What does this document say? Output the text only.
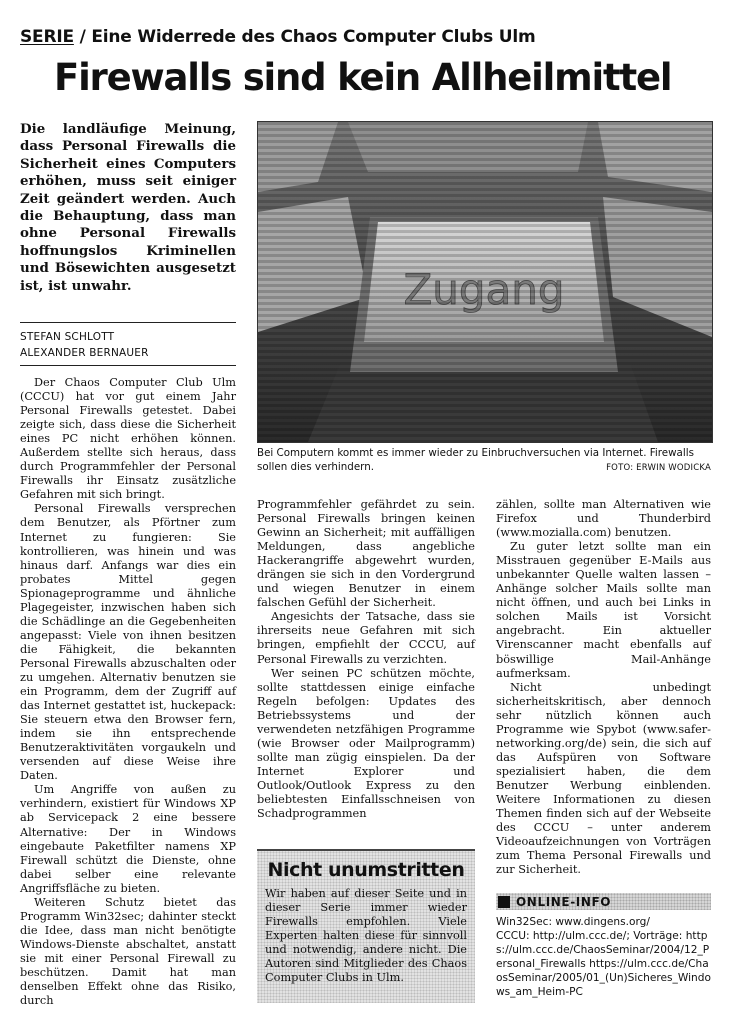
SERIE / Eine Widerrede des Chaos Computer Clubs Ulm
Firewalls sind kein Allheilmittel
Die landläufige Meinung, dass Personal Firewalls die Sicherheit eines Computers erhöhen, muss seit einiger Zeit geändert werden. Auch die Behauptung, dass man ohne Personal Firewalls hoffnungslos Kriminellen und Bösewichten ausgesetzt ist, ist unwahr.
STEFAN SCHLOTT
ALEXANDER BERNAUER
Bei Computern kommt es immer wieder zu Einbruchversuchen via Internet. Firewalls sollen dies verhindern.	FOTO: ERWIN WODICKA

Der Chaos Computer Club Ulm (CCCU) hat vor gut einem Jahr Personal Firewalls getestet. Dabei zeigte sich, dass diese die Sicherheit eines PC nicht erhöhen können. Außerdem stellte sich heraus, dass durch Programmfehler der Personal Firewalls ihr Einsatz zusätzliche Gefahren mit sich bringt.

Personal Firewalls versprechen dem Benutzer, als Pförtner zum Internet zu fungieren: Sie kontrollieren, was hinein und was hinaus darf. Anfangs war dies ein probates Mittel gegen Spionageprogramme und ähnliche Plagegeister, inzwischen haben sich die Schädlinge an die Gegebenheiten angepasst: Viele von ihnen besitzen die Fähigkeit, die bekannten Personal Firewalls abzuschalten oder zu umgehen. Alternativ benutzen sie ein Programm, dem der Zugriff auf das Internet gestattet ist, huckepack: Sie steuern etwa den Browser fern, indem sie ihn entsprechende Benutzeraktivitäten vorgaukeln und versenden auf diese Weise ihre Daten.

Um Angriffe von außen zu verhindern, existiert für Windows XP ab Servicepack 2 eine bessere Alternative: Der in Windows eingebaute Paketfilter namens XP Firewall schützt die Dienste, ohne dabei selber eine relevante Angriffsfläche zu bieten.

Weiteren Schutz bietet das Programm Win32sec; dahinter steckt die Idee, dass man nicht benötigte Windows-Dienste abschaltet, anstatt sie mit einer Personal Firewall zu beschützen. Damit hat man denselben Effekt ohne das Risiko, durch

Programmfehler gefährdet zu sein. Personal Firewalls bringen keinen Gewinn an Sicherheit; mit auffälligen Meldungen, dass angebliche Hackerangriffe abgewehrt wurden, drängen sie sich in den Vordergrund und wiegen Benutzer in einem falschen Gefühl der Sicherheit.

Angesichts der Tatsache, dass sie ihrerseits neue Gefahren mit sich bringen, empfiehlt der CCCU, auf Personal Firewalls zu verzichten.

Wer seinen PC schützen möchte, sollte stattdessen einige einfache Regeln befolgen: Updates des Betriebssystems und der verwendeten netzfähigen Programme (wie Browser oder Mailprogramm) sollte man zügig einspielen. Da der Internet Explorer und Outlook/Outlook Express zu den beliebtesten Einfallsschneisen von Schadprogrammen

Nicht unumstritten
Wir haben auf dieser Seite und in dieser Serie immer wieder Firewalls empfohlen. Viele Experten halten diese für sinnvoll und notwendig, andere nicht. Die Autoren sind Mitglieder des Chaos Computer Clubs in Ulm.

zählen, sollte man Alternativen wie Firefox und Thunderbird (www.mozialla.com) benutzen.

Zu guter letzt sollte man ein Misstrauen gegenüber E-Mails aus unbekannter Quelle walten lassen – Anhänge solcher Mails sollte man nicht öffnen, und auch bei Links in solchen Mails ist Vorsicht angebracht. Ein aktueller Virenscanner macht ebenfalls auf böswillige Mail-Anhänge aufmerksam.

Nicht unbedingt sicherheitskritisch, aber dennoch sehr nützlich können auch Programme wie Spybot (www.safer-networking.org/de) sein, die sich auf das Aufspüren von Software spezialisiert haben, die dem Benutzer Werbung einblenden. Weitere Informationen zu diesen Themen finden sich auf der Webseite des CCCU – unter anderem Videoaufzeichnungen von Vorträgen zum Thema Personal Firewalls und zur Sicherheit.

ONLINE-INFO
Win32Sec: www.dingens.org/
CCCU: http://ulm.ccc.de/; Vorträge: https://ulm.ccc.de/ChaosSeminar/2004/12_Personal_Firewalls https://ulm.ccc.de/ChaosSeminar/2005/01_(Un)Sicheres_Windows_am_Heim-PC
